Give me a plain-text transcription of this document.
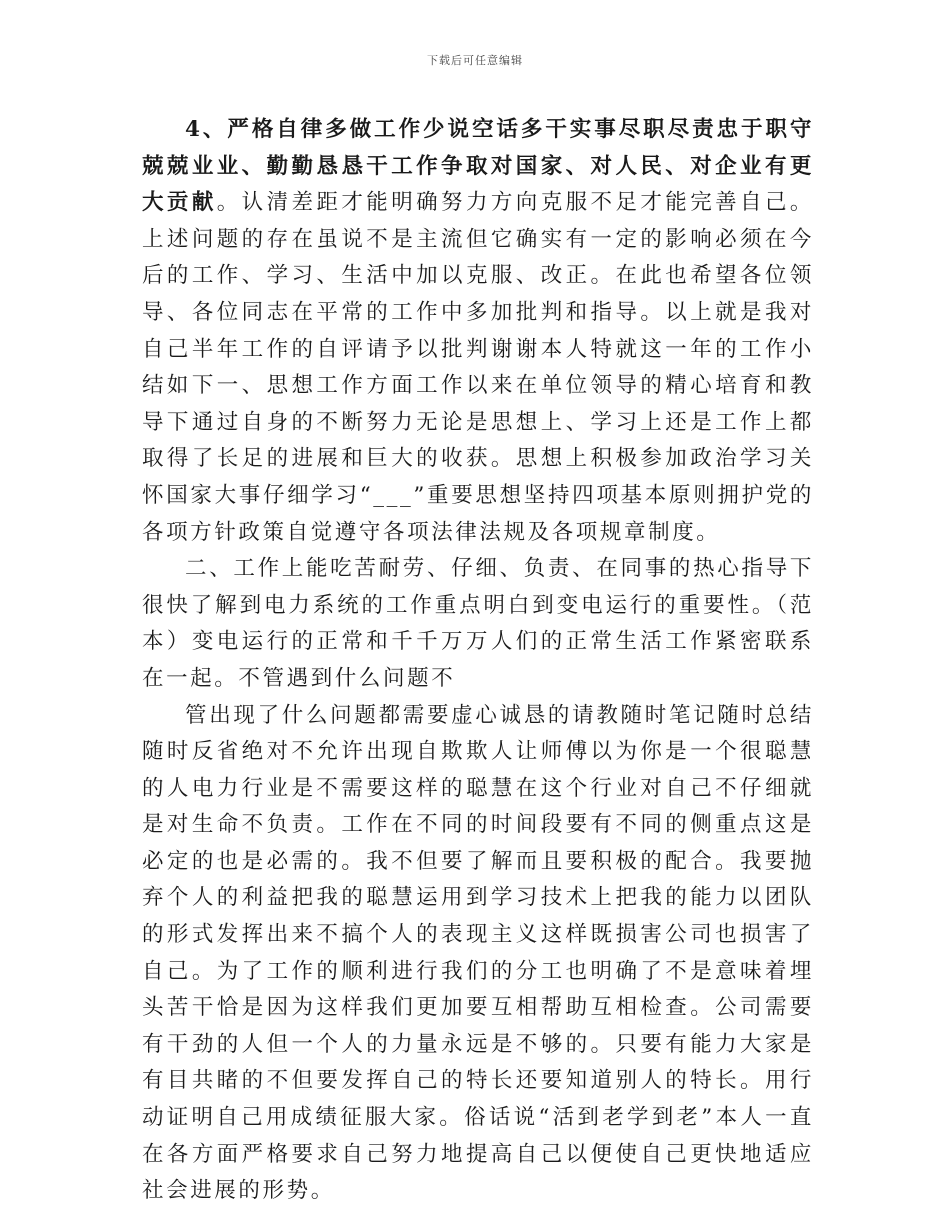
下载后可任意编辑

4、严格自律多做工作少说空话多干实事尽职尽责忠于职守兢兢业业、勤勤恳恳干工作争取对国家、对人民、对企业有更大贡献。认清差距才能明确努力方向克服不足才能完善自己。上述问题的存在虽说不是主流但它确实有一定的影响必须在今后的工作、学习、生活中加以克服、改正。在此也希望各位领导、各位同志在平常的工作中多加批判和指导。以上就是我对自己半年工作的自评请予以批判谢谢本人特就这一年的工作小结如下一、思想工作方面工作以来在单位领导的精心培育和教导下通过自身的不断努力无论是思想上、学习上还是工作上都取得了长足的进展和巨大的收获。思想上积极参加政治学习关怀国家大事仔细学习“___”重要思想坚持四项基本原则拥护党的各项方针政策自觉遵守各项法律法规及各项规章制度。

二、工作上能吃苦耐劳、仔细、负责、在同事的热心指导下很快了解到电力系统的工作重点明白到变电运行的重要性。（范本）变电运行的正常和千千万万人们的正常生活工作紧密联系在一起。不管遇到什么问题不

管出现了什么问题都需要虚心诚恳的请教随时笔记随时总结随时反省绝对不允许出现自欺欺人让师傅以为你是一个很聪慧的人电力行业是不需要这样的聪慧在这个行业对自己不仔细就是对生命不负责。工作在不同的时间段要有不同的侧重点这是必定的也是必需的。我不但要了解而且要积极的配合。我要抛弃个人的利益把我的聪慧运用到学习技术上把我的能力以团队的形式发挥出来不搞个人的表现主义这样既损害公司也损害了自己。为了工作的顺利进行我们的分工也明确了不是意味着埋头苦干恰是因为这样我们更加要互相帮助互相检查。公司需要有干劲的人但一个人的力量永远是不够的。只要有能力大家是有目共睹的不但要发挥自己的特长还要知道别人的特长。用行动证明自己用成绩征服大家。俗话说“活到老学到老”本人一直在各方面严格要求自己努力地提高自己以便使自己更快地适应社会进展的形势。
